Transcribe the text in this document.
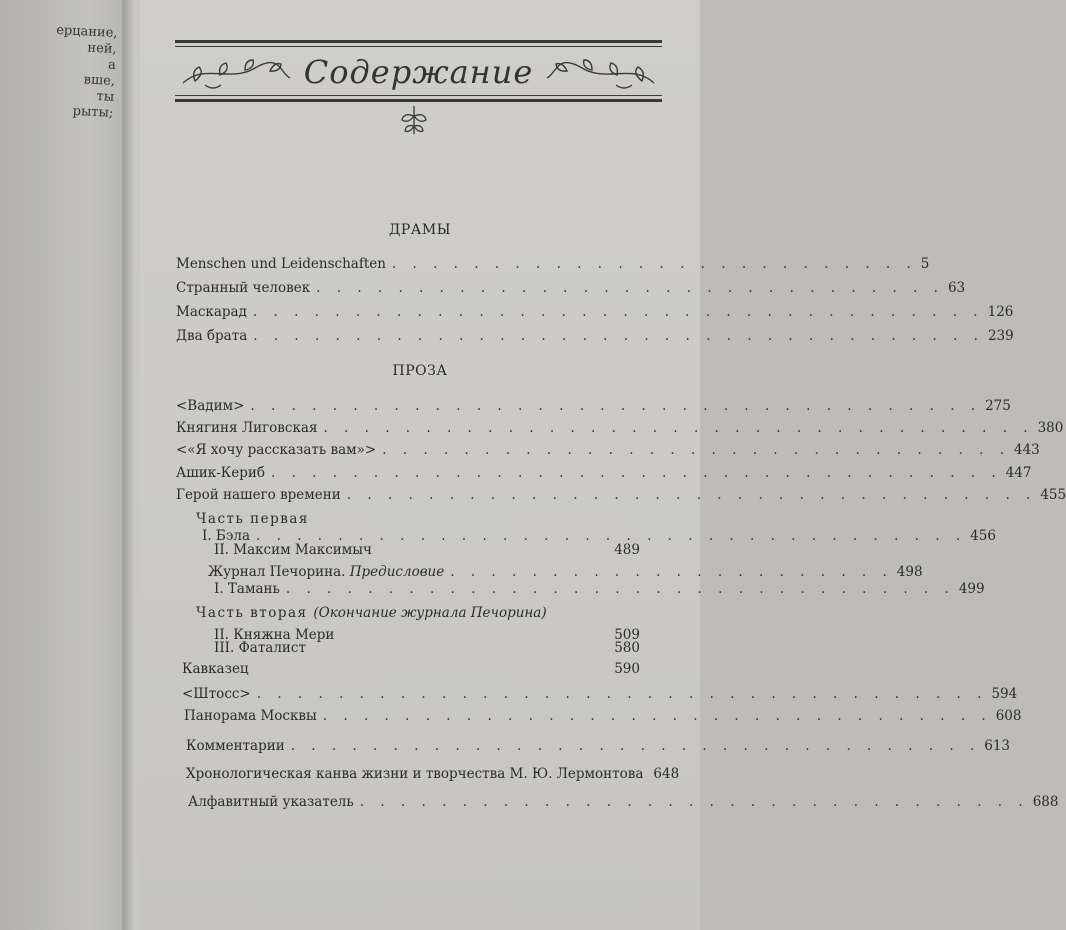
ерцание,
ней,
а
вше,
ты
рыты;
Содержание
ДРАМЫ
Menschen und Leidenschaften . . . . . . . . . . . . . . . . . . . . . . . . . . 5
Странный человек . . . . . . . . . . . . . . . . . . . . . . . . . . . . . . . 63
Маскарад . . . . . . . . . . . . . . . . . . . . . . . . . . . . . . . . . . . . 126
Два брата . . . . . . . . . . . . . . . . . . . . . . . . . . . . . . . . . . . . 239
ПРОЗА
<Вадим> . . . . . . . . . . . . . . . . . . . . . . . . . . . . . . . . . . . . 275
Княгиня Лиговская . . . . . . . . . . . . . . . . . . . . . . . . . . . . . . . . . . . 380
<«Я хочу рассказать вам»> . . . . . . . . . . . . . . . . . . . . . . . . . . . . . . . 443
Ашик-Кериб . . . . . . . . . . . . . . . . . . . . . . . . . . . . . . . . . . . . 447
Герой нашего времени . . . . . . . . . . . . . . . . . . . . . . . . . . . . . . . . . . 455
Часть первая
I. Бэла . . . . . . . . . . . . . . . . . . . . . . . . . . . . . . . . . . . 456
II. Максим Максимыч	489
Журнал Печорина. Предисловие . . . . . . . . . . . . . . . . . . . . . . 498
I. Тамань . . . . . . . . . . . . . . . . . . . . . . . . . . . . . . . . . 499
Часть вторая (Окончание журнала Печорина)
II. Княжна Мери	509
III. Фаталист	580
Кавказец	590
<Штосс> . . . . . . . . . . . . . . . . . . . . . . . . . . . . . . . . . . . . 594
Панорама Москвы . . . . . . . . . . . . . . . . . . . . . . . . . . . . . . . . . 608
Комментарии . . . . . . . . . . . . . . . . . . . . . . . . . . . . . . . . . . 613
Хронологическая канва жизни и творчества М. Ю. Лермонтова 648
Алфавитный указатель . . . . . . . . . . . . . . . . . . . . . . . . . . . . . . . . . 688
